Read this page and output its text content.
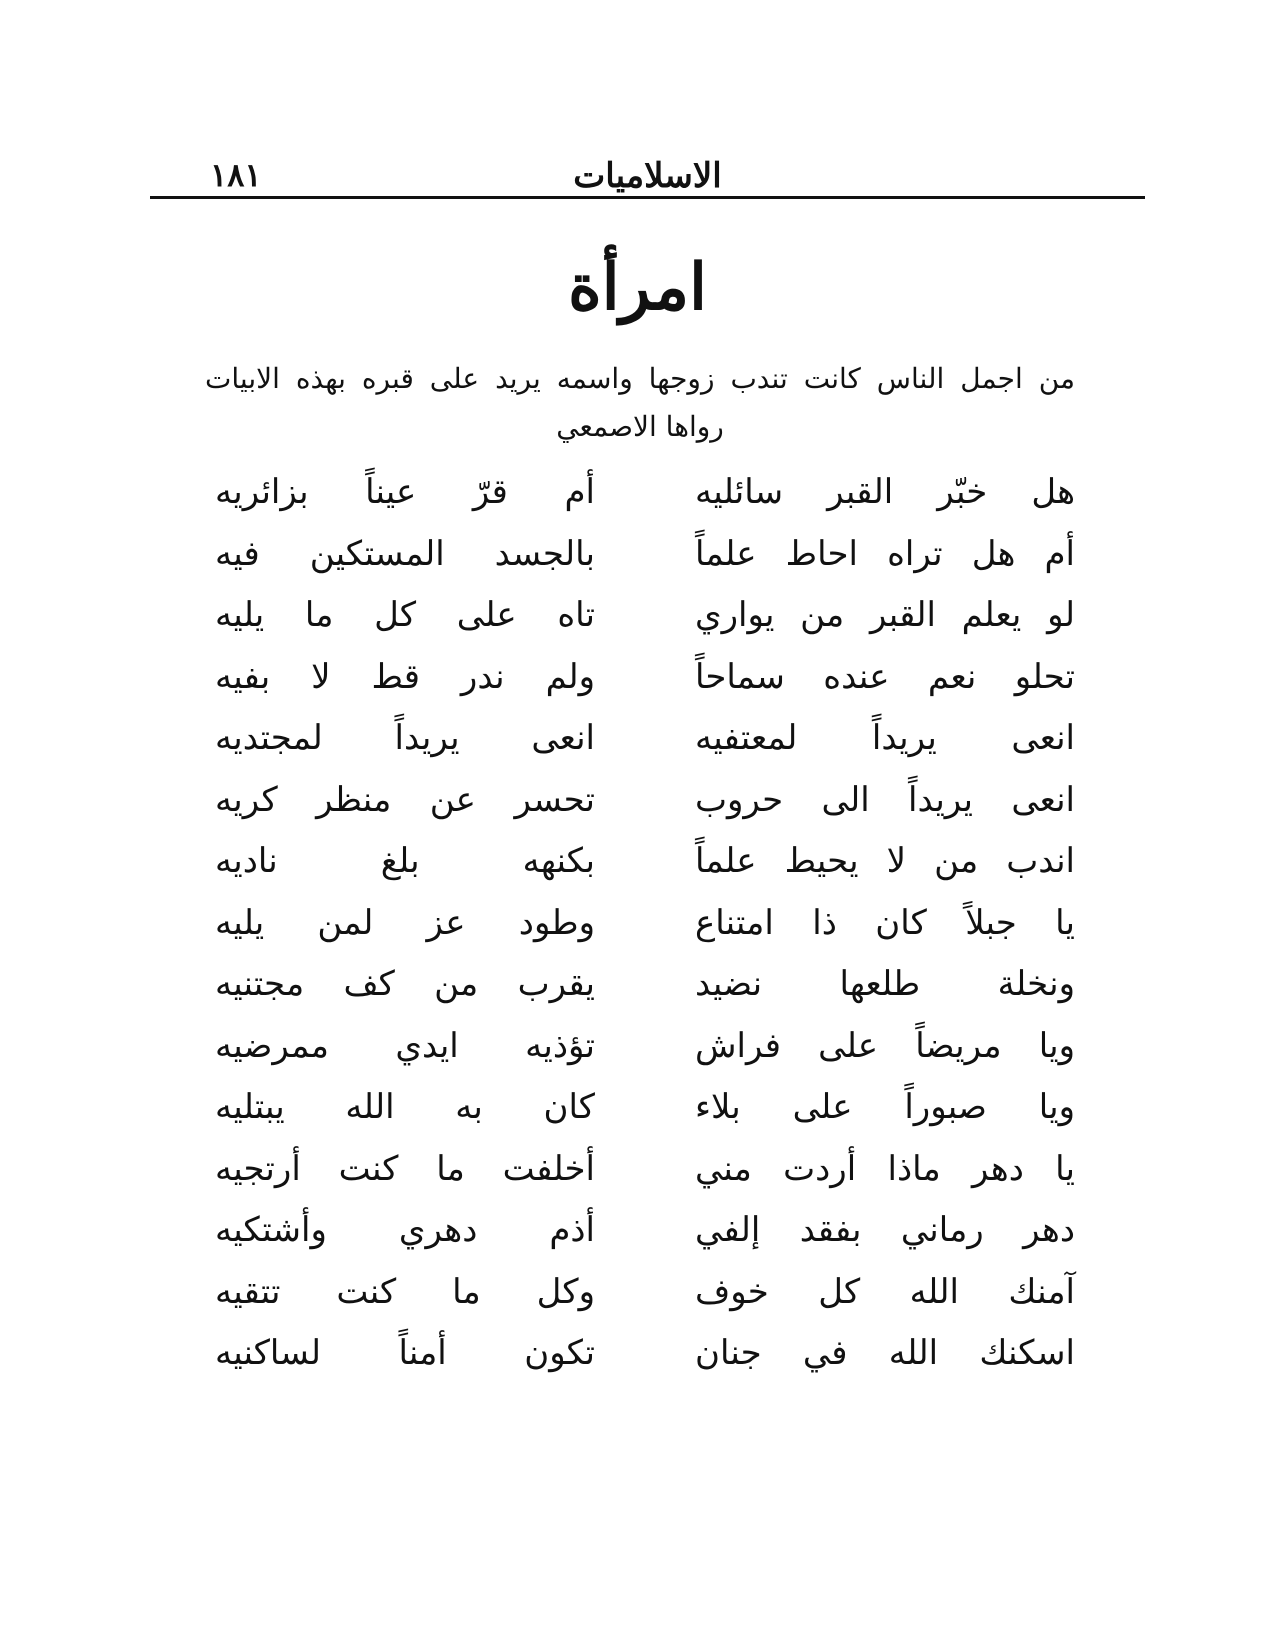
الاسلاميات
١٨١
امرأة
من اجمل الناس كانت تندب زوجها واسمه يريد على قبره بهذه الابيات
رواها الاصمعي
هل خبّر القبر سائليه
أم قرّ عيناً بزائريه
أم هل تراه احاط علماً
بالجسد المستكين فيه
لو يعلم القبر من يواري
تاه على كل ما يليه
تحلو نعم عنده سماحاً
ولم ندر قط لا بفيه
انعى يريداً لمعتفيه
انعى يريداً لمجتديه
انعى يريداً الى حروب
تحسر عن منظر كريه
اندب من لا يحيط علماً
بكنهه بلغ ناديه
يا جبلاً كان ذا امتناع
وطود عز لمن يليه
ونخلة طلعها نضيد
يقرب من كف مجتنيه
ويا مريضاً على فراش
تؤذيه ايدي ممرضيه
ويا صبوراً على بلاء
كان به الله يبتليه
يا دهر ماذا أردت مني
أخلفت ما كنت أرتجيه
دهر رماني بفقد إلفي
أذم دهري وأشتكيه
آمنك الله كل خوف
وكل ما كنت تتقيه
اسكنك الله في جنان
تكون أمناً لساكنيه
